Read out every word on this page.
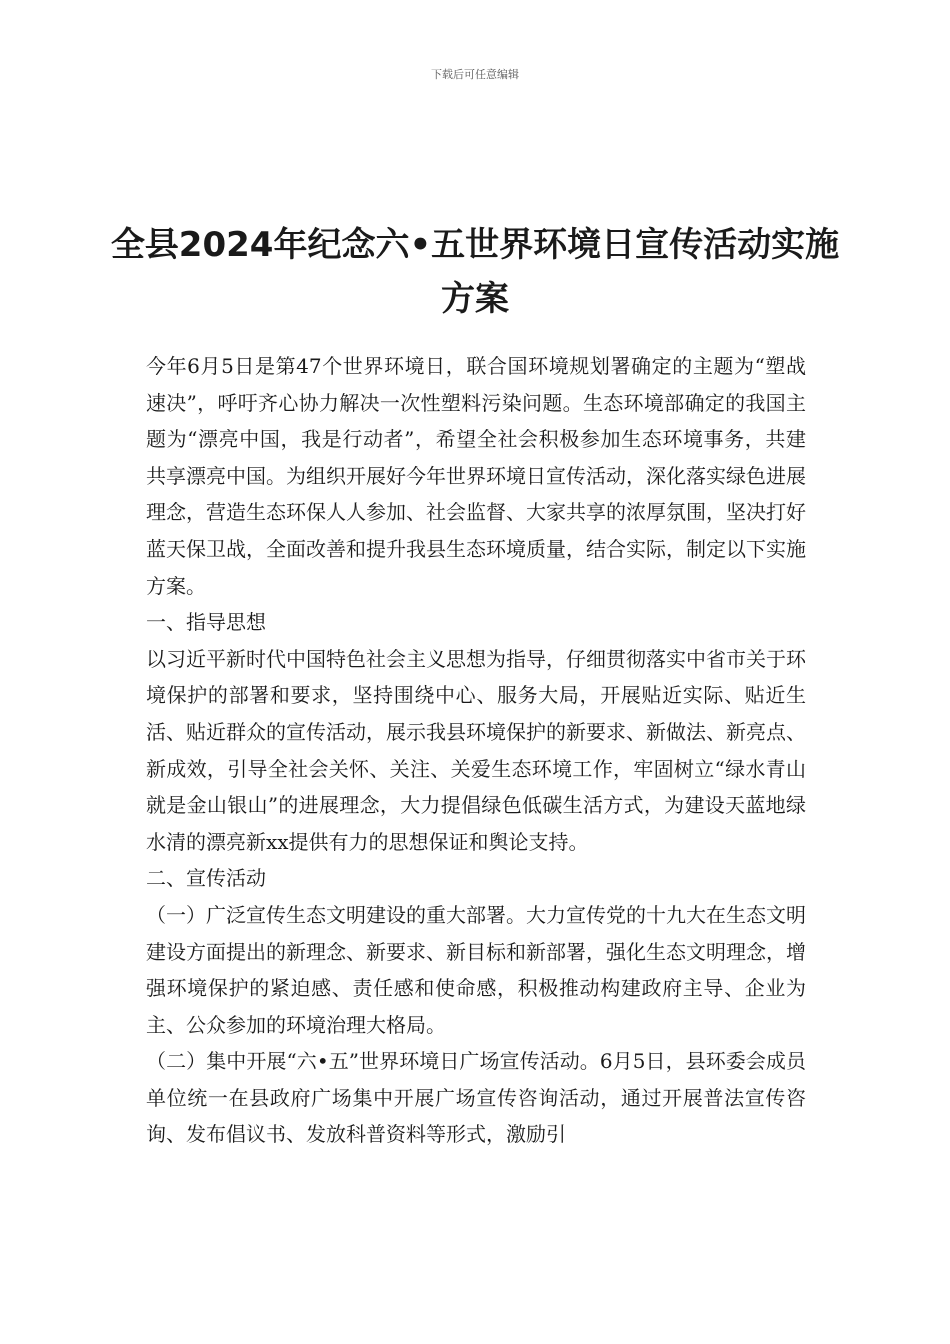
下载后可任意编辑
全县2024年纪念六•五世界环境日宣传活动实施方案

今年6月5日是第47个世界环境日，联合国环境规划署确定的主题为“塑战速决”，呼吁齐心协力解决一次性塑料污染问题。生态环境部确定的我国主题为“漂亮中国，我是行动者”，希望全社会积极参加生态环境事务，共建共享漂亮中国。为组织开展好今年世界环境日宣传活动，深化落实绿色进展理念，营造生态环保人人参加、社会监督、大家共享的浓厚氛围，坚决打好蓝天保卫战，全面改善和提升我县生态环境质量，结合实际，制定以下实施方案。

一、指导思想

以习近平新时代中国特色社会主义思想为指导，仔细贯彻落实中省市关于环境保护的部署和要求，坚持围绕中心、服务大局，开展贴近实际、贴近生活、贴近群众的宣传活动，展示我县环境保护的新要求、新做法、新亮点、新成效，引导全社会关怀、关注、关爱生态环境工作，牢固树立“绿水青山就是金山银山”的进展理念，大力提倡绿色低碳生活方式，为建设天蓝地绿水清的漂亮新xx提供有力的思想保证和舆论支持。

二、宣传活动

（一）广泛宣传生态文明建设的重大部署。大力宣传党的十九大在生态文明建设方面提出的新理念、新要求、新目标和新部署，强化生态文明理念，增强环境保护的紧迫感、责任感和使命感，积极推动构建政府主导、企业为主、公众参加的环境治理大格局。

（二）集中开展“六•五”世界环境日广场宣传活动。6月5日，县环委会成员单位统一在县政府广场集中开展广场宣传咨询活动，通过开展普法宣传咨询、发布倡议书、发放科普资料等形式，激励引
